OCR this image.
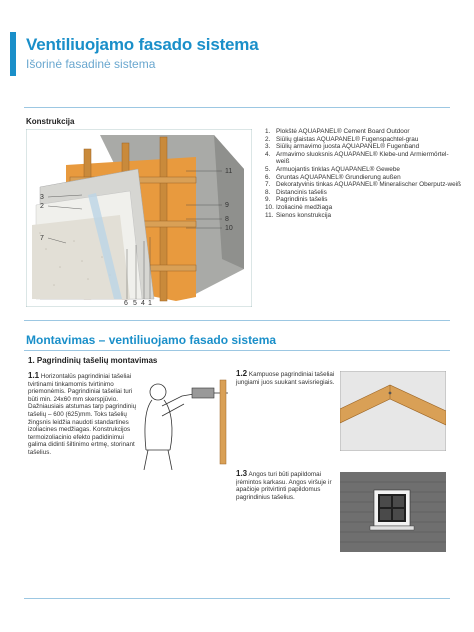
Ventiliuojamo fasado sistema
Išorinė fasadinė sistema
Konstrukcija
11
3
2	9
8
10
7
6 5 4 1
1. Plokštė AQUAPANEL® Cement Board Outdoor
2. Siūlių glaistas AQUAPANEL® Fugenspachtel-grau
3. Siūlių armavimo juosta AQUAPANEL® Fugenband
4. Armavimo sluoksnis AQUAPANEL® Klebe-und Armiermörtel-weiß
5. Armuojantis tinklas AQUAPANEL® Gewebe
6. Gruntas AQUAPANEL® Grundierung außen
7. Dekoratyvinis tinkas AQUAPANEL® Mineralischer Oberputz-weiß
8. Distancinis tašelis
9. Pagrindinis tašelis
10. Izoliacinė medžiaga
11. Sienos konstrukcija
Montavimas – ventiliuojamo fasado sistema
1. Pagrindinių tašelių montavimas
1.1 Horizontalūs pagrindiniai tašeliai tvirtinami tinkamomis tvirtinimo priemonėmis. Pagrindiniai tašeliai turi būti min. 24x60 mm skerspjūvio. Dažniausiais atstumas tarp pagrindinių tašelių – 600 (625)mm. Toks tašelių žingsnis leidžia naudoti standartines izoliacines medžiagas. Konstrukcijos termoizoliacinio efekto padidinimui galima didinti šiltinimo ertmę, storinant tašelius.
1.2 Kampuose pagrindiniai tašeliai jungiami juos suukant savisriegiais.
1.3 Angos turi būti papildomai įrėmintos karkasu. Angos viršuje ir apačioje pritvirtinti papildomus pagrindinius tašelius.
